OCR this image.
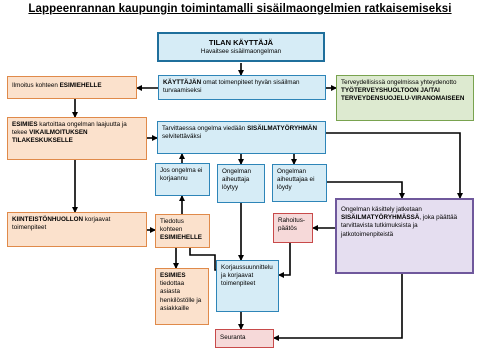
Lappeenrannan kaupungin toimintamalli sisäilmaongelmien ratkaisemiseksi
TILAN KÄYTTÄJÄ
Havaitsee sisäilmaongelman
KÄYTTÄJÄN omat toimenpiteet hyvän sisäilman turvaamiseksi
Ilmoitus kohteen ESIMIEHELLE	Terveydellisissä ongelmissa yhteydenotto TYÖTERVEYSHUOLTOON JA/TAI TERVEYDENSUOJELU-VIRANOMAISEEN
ESIMIES kartoittaa ongelman laajuutta ja tekee VIKAILMOITUKSEN TILAKESKUKSELLE
Tarvittaessa ongelma viedään SISÄILMATYÖRYHMÄN selvitettäväksi
Jos ongelma ei korjaannu
Ongelman aiheuttaja löytyy
Ongelman aiheuttajaa ei löydy
KIINTEISTÖNHUOLLON korjaavat toimenpiteet
Tiedotus kohteen ESIMIEHELLE
Rahoitus-päätös
Ongelman käsittely jatketaan SISÄILMATYÖRYHMÄSSÄ, joka päättää tarvittavista tutkimuksista ja jatkotoimenpiteistä
ESIMIES tiedottaa asiasta henkilöstölle ja asiakkaille
Korjaussuunnittelu ja korjaavat toimenpiteet
Seuranta
